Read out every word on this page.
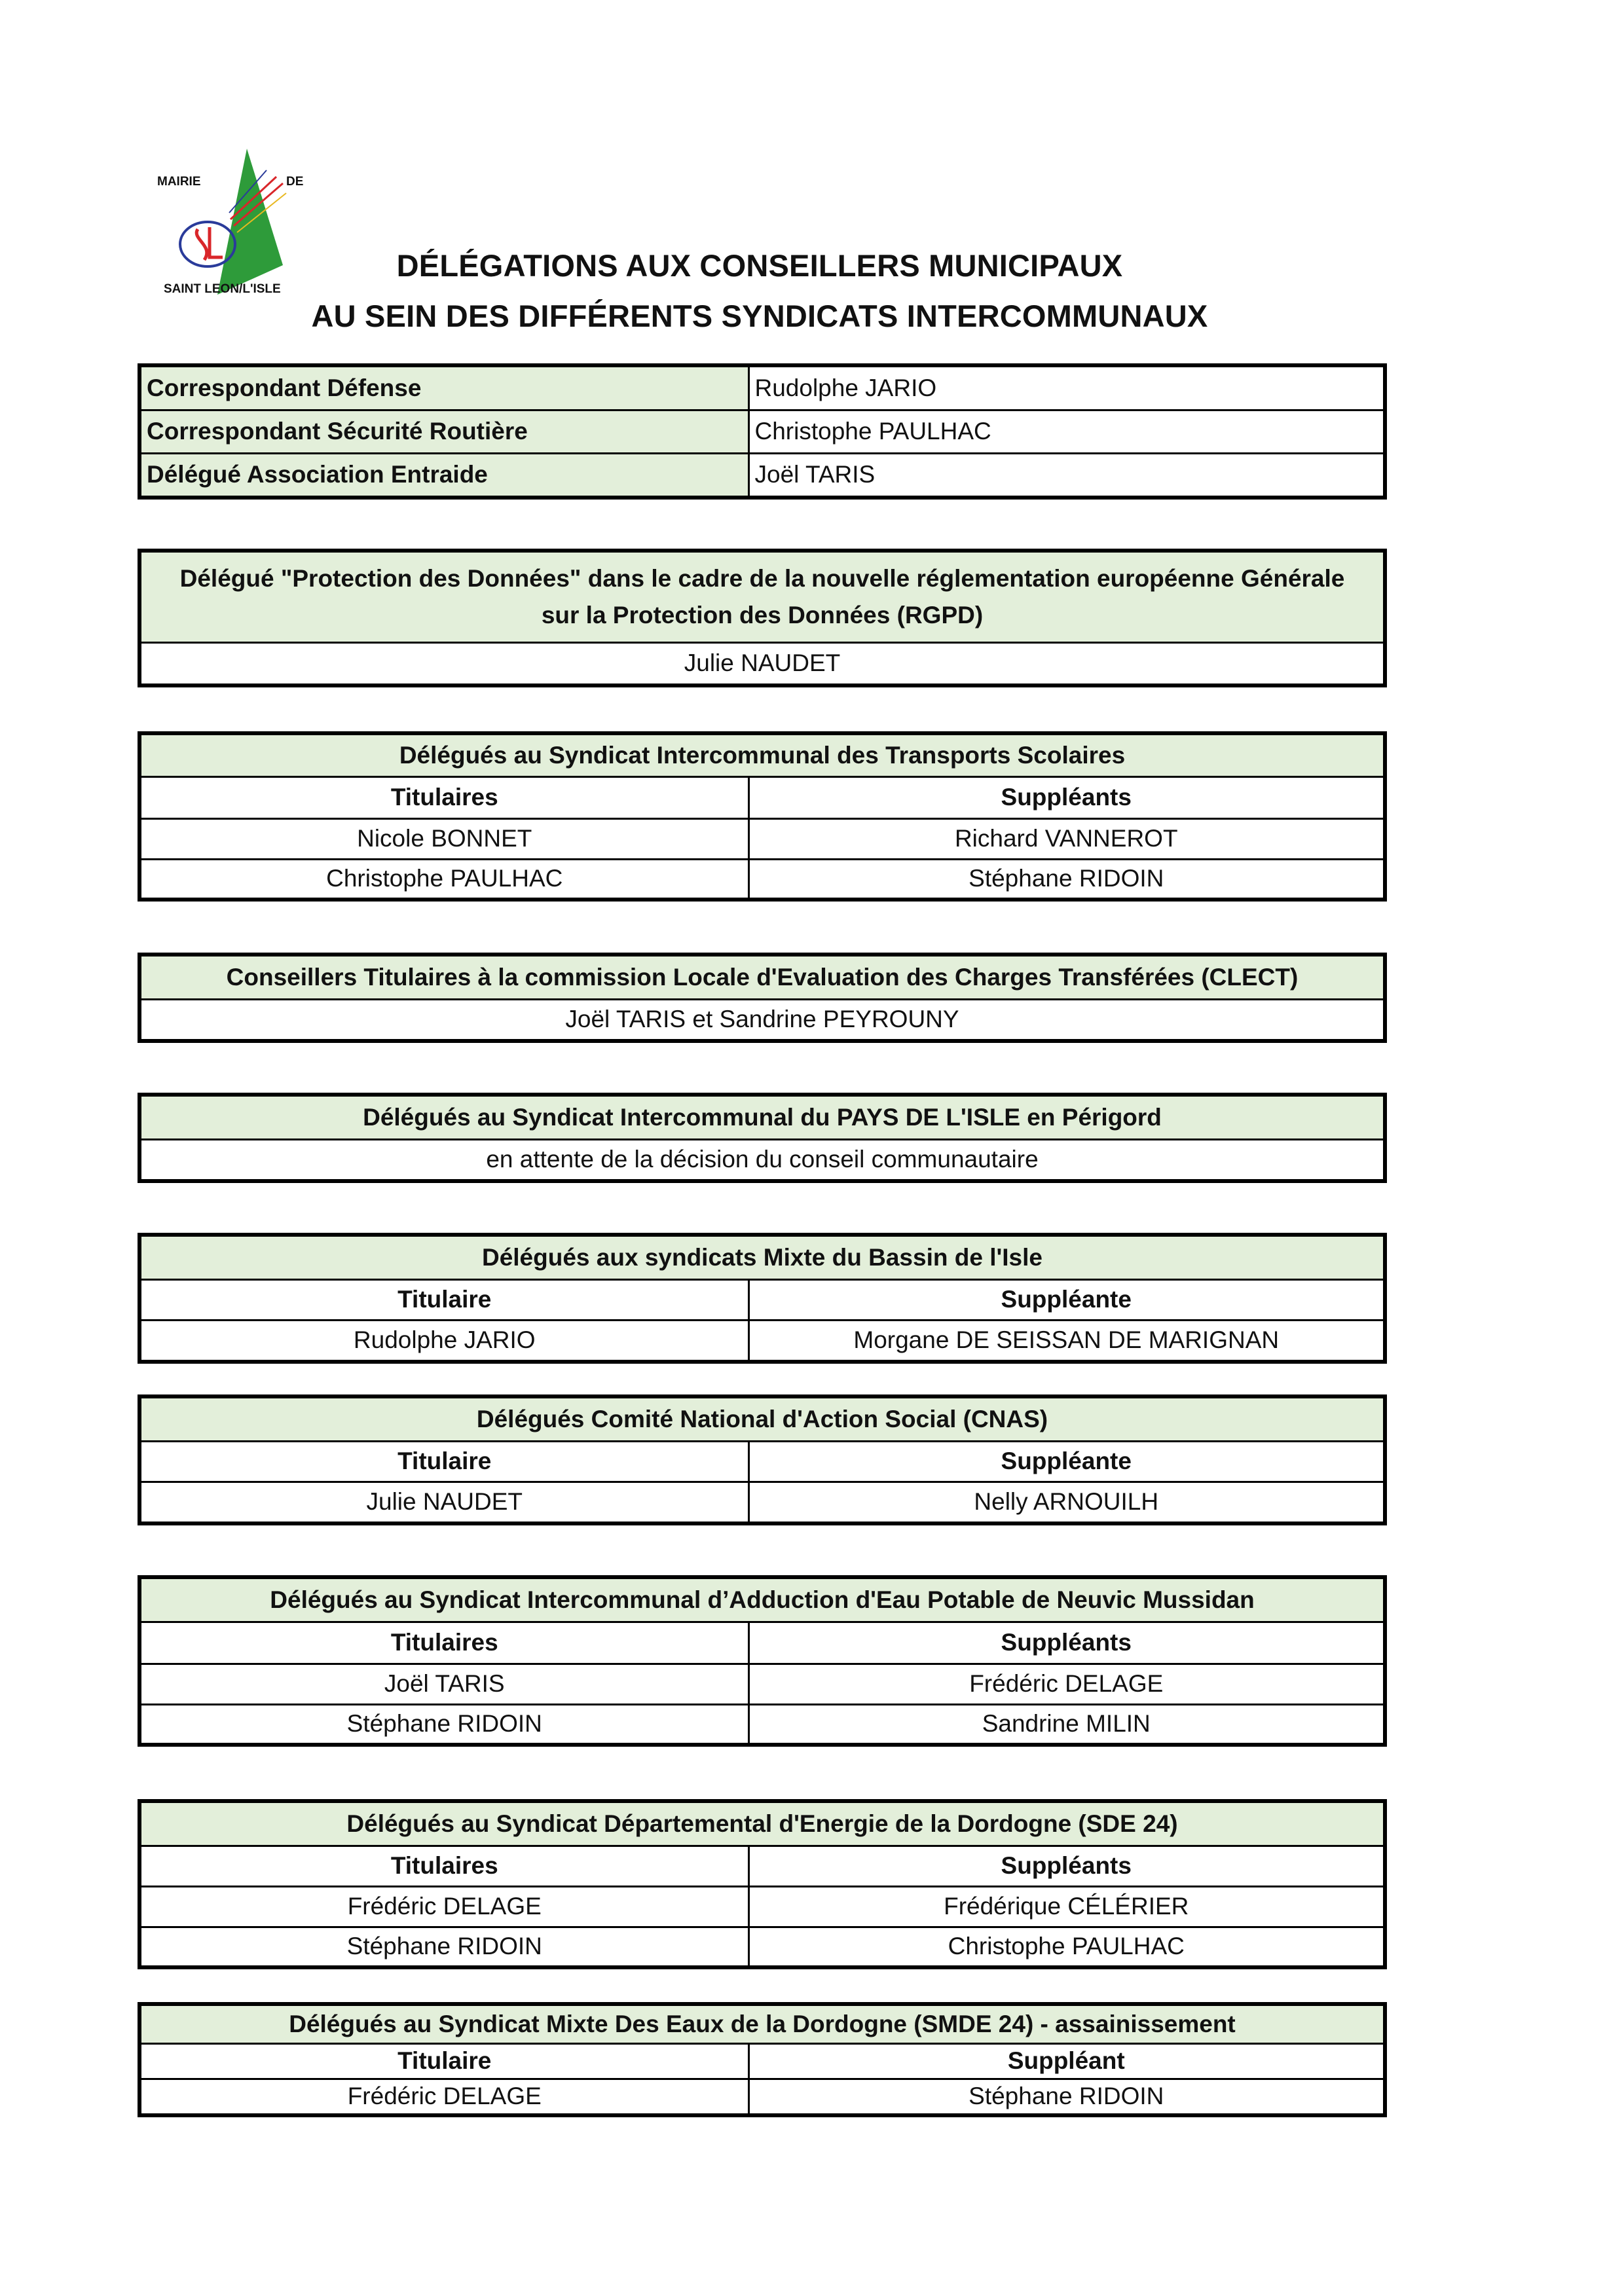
MAIRIE	DE
SAINT LEON/L'ISLE
DÉLÉGATIONS AUX CONSEILLERS MUNICIPAUX
AU SEIN DES DIFFÉRENTS SYNDICATS INTERCOMMUNAUX
Correspondant Défense	Rudolphe JARIO
Correspondant Sécurité Routière	Christophe PAULHAC
Délégué Association Entraide	Joël TARIS
Délégué "Protection des Données" dans le cadre de la nouvelle réglementation européenne Générale sur la Protection des Données (RGPD)
Julie NAUDET
Délégués au Syndicat Intercommunal des Transports Scolaires	
Titulaires	Suppléants
Nicole BONNET	Richard VANNEROT
Christophe PAULHAC	Stéphane RIDOIN
Conseillers Titulaires à la commission Locale d'Evaluation des Charges Transférées (CLECT)
Joël TARIS et Sandrine PEYROUNY
Délégués au Syndicat Intercommunal du PAYS DE L'ISLE en Périgord
en attente de la décision du conseil communautaire
Délégués aux syndicats Mixte du Bassin de l'Isle	
Titulaire	Suppléante
Rudolphe JARIO	Morgane DE SEISSAN DE MARIGNAN
Délégués Comité National d'Action Social (CNAS)	
Titulaire	Suppléante
Julie NAUDET	Nelly ARNOUILH
Délégués au Syndicat Intercommunal d’Adduction d'Eau Potable de Neuvic Mussidan	
Titulaires	Suppléants
Joël TARIS	Frédéric DELAGE
Stéphane RIDOIN	Sandrine MILIN
Délégués au Syndicat Départemental d'Energie de la Dordogne (SDE 24)	
Titulaires	Suppléants
Frédéric DELAGE	Frédérique CÉLÉRIER
Stéphane RIDOIN	Christophe PAULHAC
Délégués au Syndicat Mixte Des Eaux de la Dordogne (SMDE 24) - assainissement	
Titulaire	Suppléant
Frédéric DELAGE	Stéphane RIDOIN
